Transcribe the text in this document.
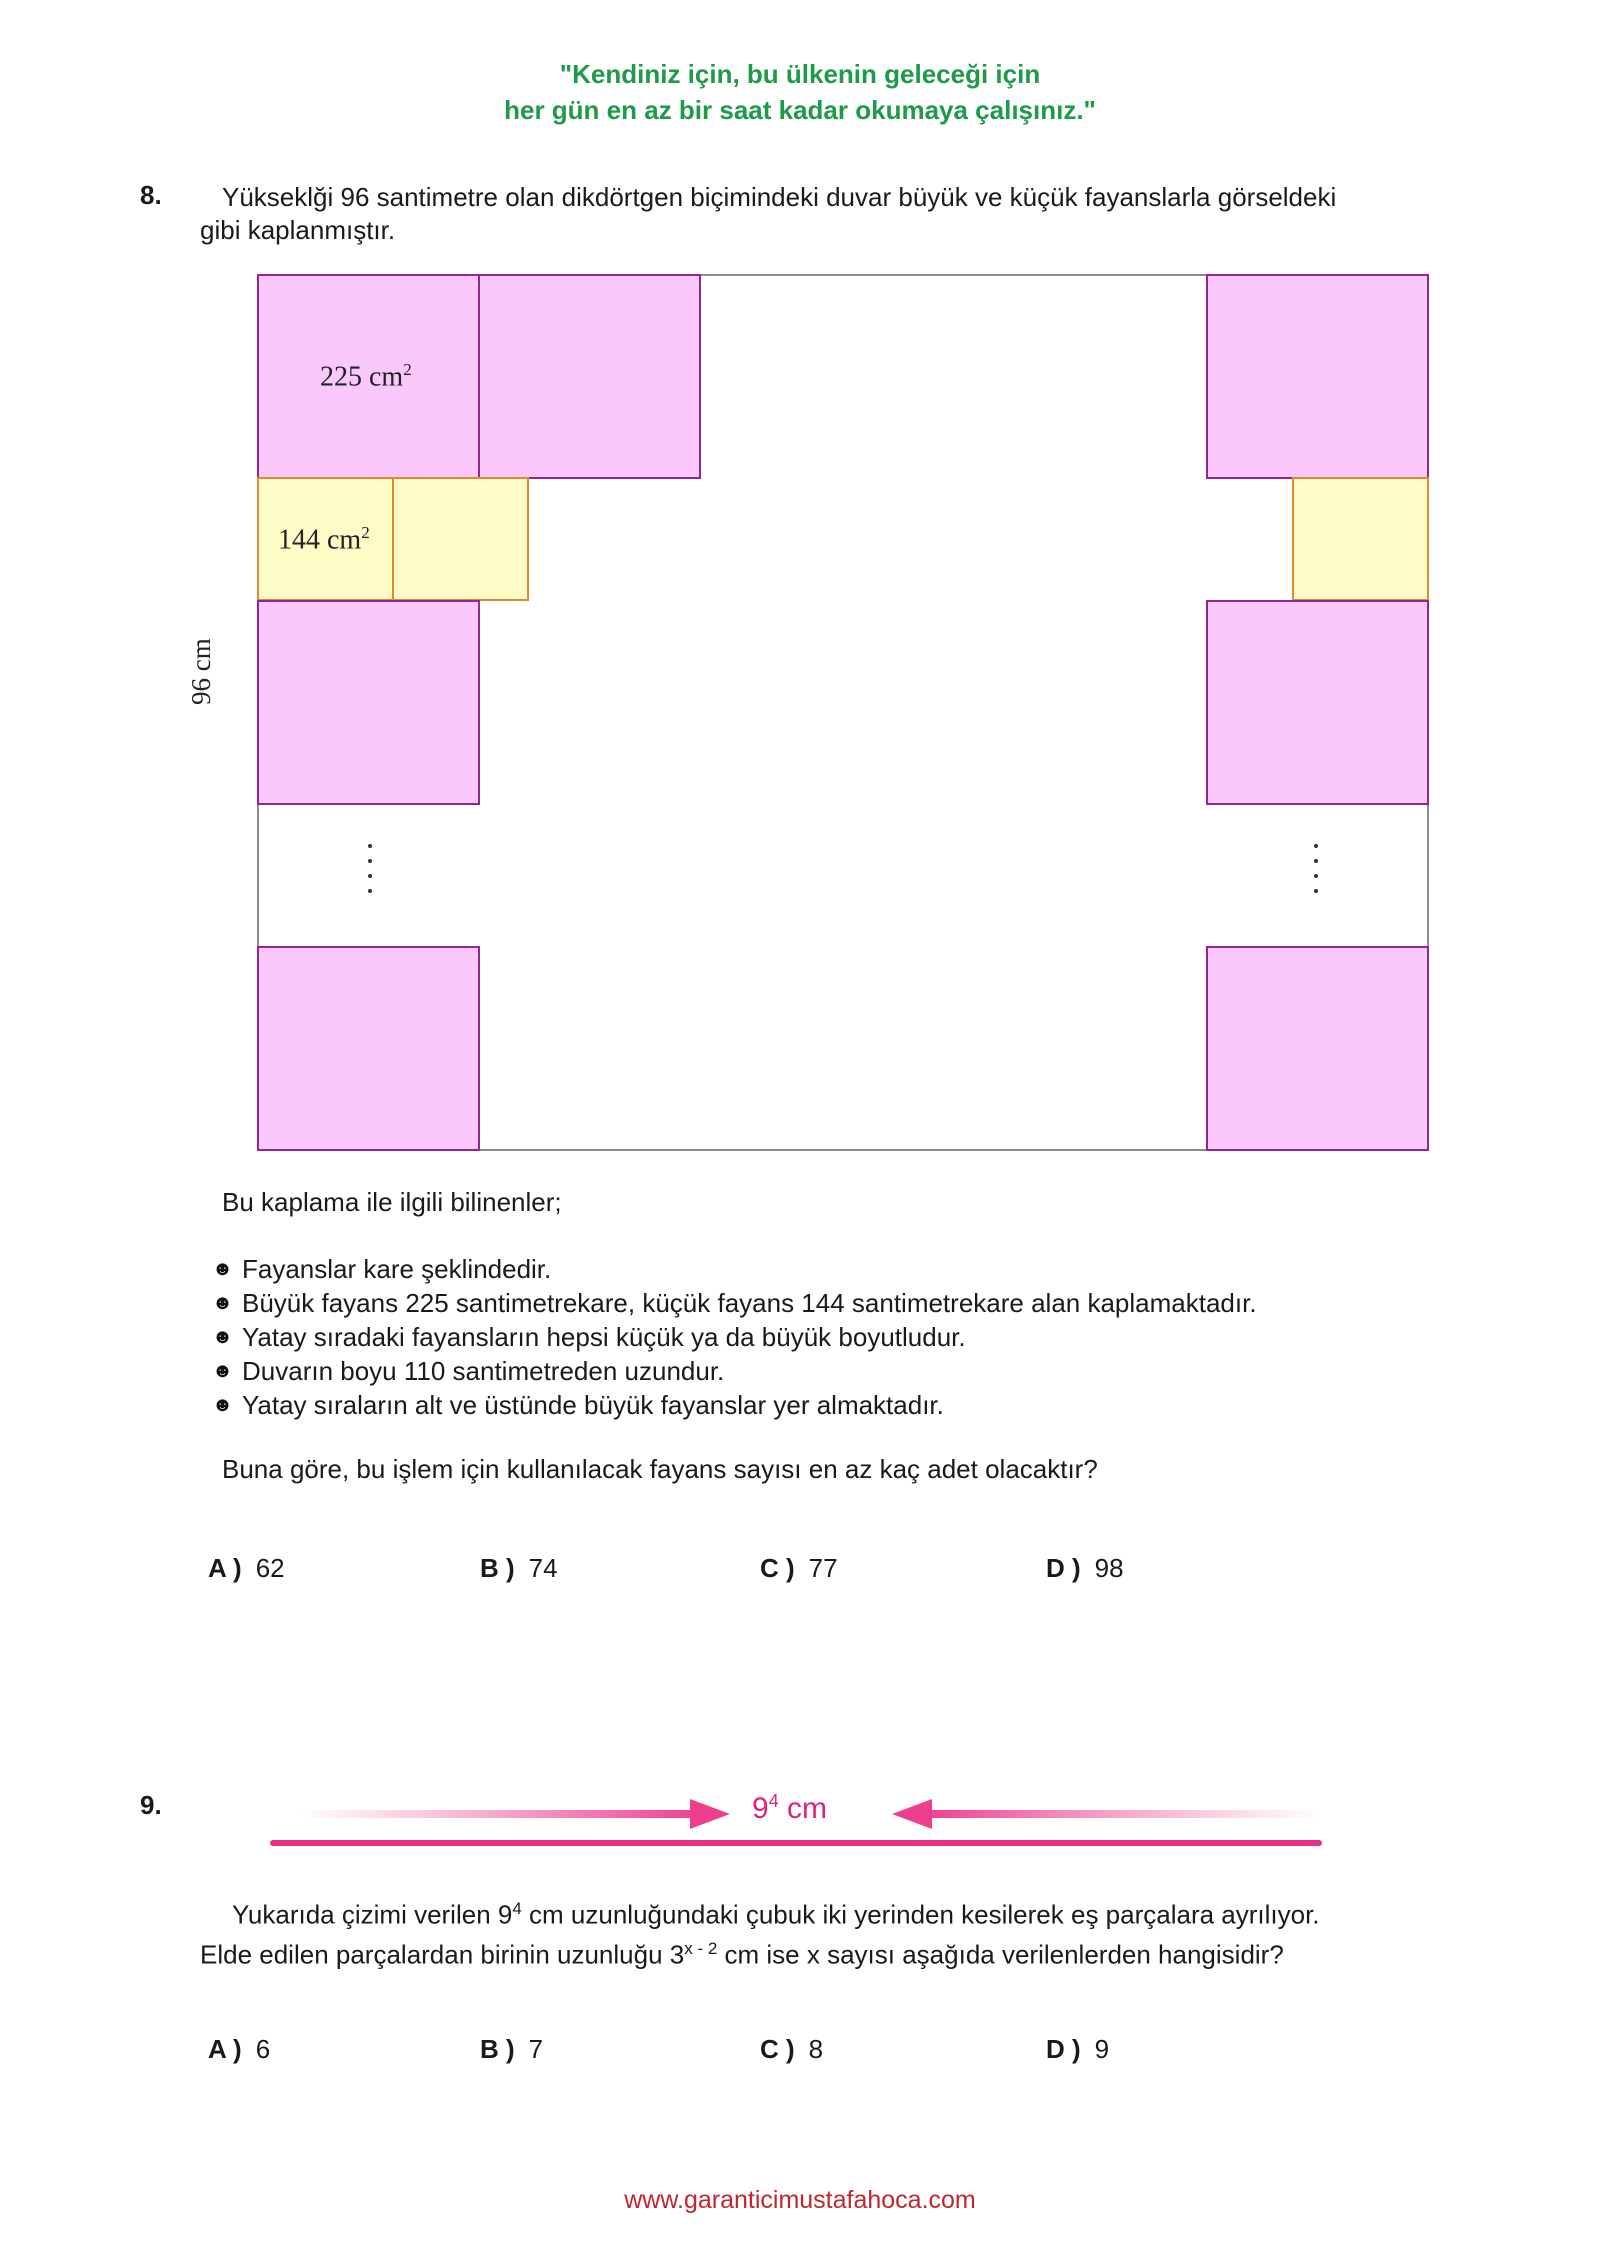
"Kendiniz için, bu ülkenin geleceği için
her gün en az bir saat kadar okumaya çalışınız."
8. Yükseklği 96 santimetre olan dikdörtgen biçimindeki duvar büyük ve küçük fayanslarla görseldeki
gibi kaplanmıştır.
225 $cm^2$
144 $cm^2$
96 cm
Bu kaplama ile ilgili bilinenler;
☻ Fayanslar kare şeklindedir.
☻ Büyük fayans 225 santimetrekare, küçük fayans 144 santimetrekare alan kaplamaktadır.
☻ Yatay sıradaki fayansların hepsi küçük ya da büyük boyutludur.
☻ Duvarın boyu 110 santimetreden uzundur.
☻ Yatay sıraların alt ve üstünde büyük fayanslar yer almaktadır.
Buna göre, bu işlem için kullanılacak fayans sayısı en az kaç adet olacaktır?
A ) 62	B ) 74	C ) 77	D ) 98
9.	$9^4$ cm
Yukarıda çizimi verilen $9^4$ cm uzunluğundaki çubuk iki yerinden kesilerek eş parçalara ayrılıyor.
Elde edilen parçalardan birinin uzunluğu 3$^{x - 2}$ cm ise x sayısı aşağıda verilenlerden hangisidir?
A ) 6	B ) 7	C ) 8	D ) 9
www.garanticimustafahoca.com
